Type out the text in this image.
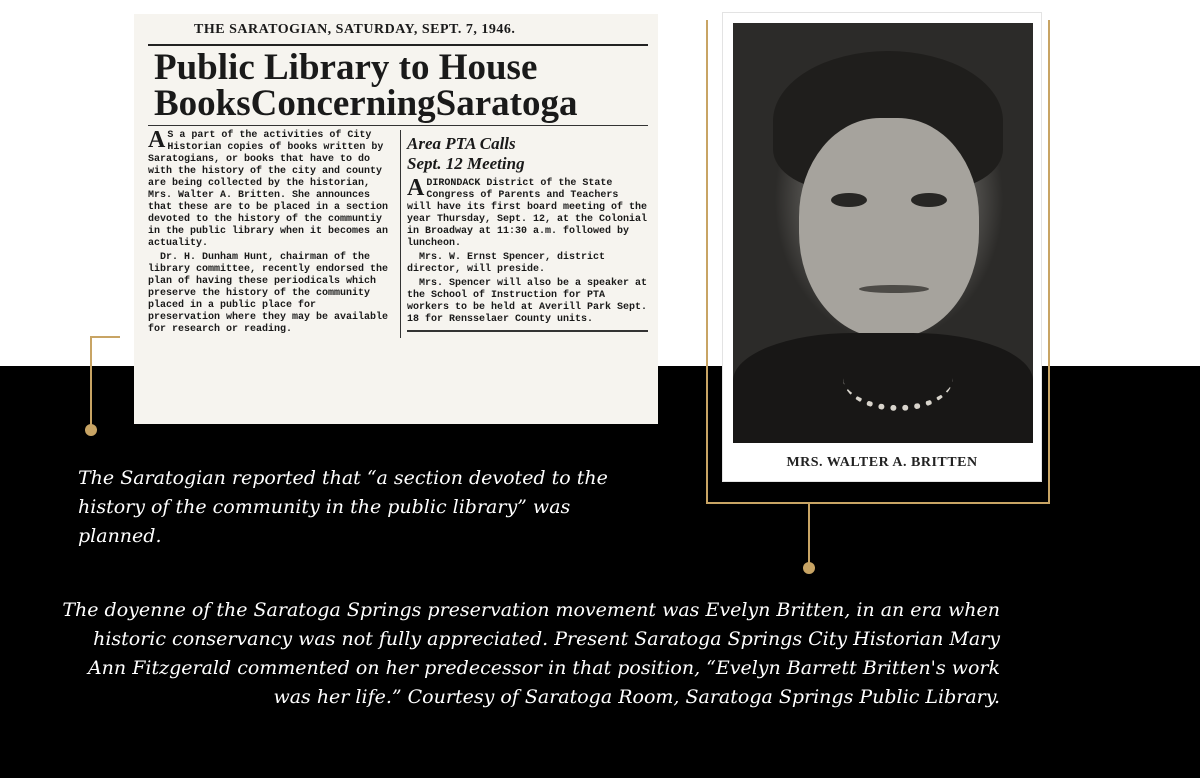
THE SARATOGIAN, SATURDAY, SEPT. 7, 1946.
Public Library to House
BooksConcerningSaratoga

A S a part of the activities of City Historian copies of books written by Saratogians, or books that have to do with the history of the city and county are being collected by the historian, Mrs. Walter A. Britten. She announces that these are to be placed in a section devoted to the history of the communtiy in the public library when it becomes an actuality.

Dr. H. Dunham Hunt, chairman of the library committee, recently endorsed the plan of having these periodicals which preserve the history of the community placed in a public place for preservation where they may be available for research or reading.

Area PTA Calls
Sept. 12 Meeting

ADIRONDACK District of the State Congress of Parents and Teachers will have its first board meeting of the year Thursday, Sept. 12, at the Colonial in Broadway at 11:30 a.m. followed by luncheon.

Mrs. W. Ernst Spencer, district director, will preside.

Mrs. Spencer will also be a speaker at the School of Instruction for PTA workers to be held at Averill Park Sept. 18 for Rensselaer County units.

MRS. WALTER A. BRITTEN
The Saratogian reported that “a section devoted to the history of the community in the public library” was planned.
The doyenne of the Saratoga Springs preservation movement was Evelyn Britten, in an era when historic conservancy was not fully appreciated. Present Saratoga Springs City Historian Mary Ann Fitzgerald commented on her predecessor in that position, “Evelyn Barrett Britten's work was her life.” Courtesy of Saratoga Room, Saratoga Springs Public Library.
